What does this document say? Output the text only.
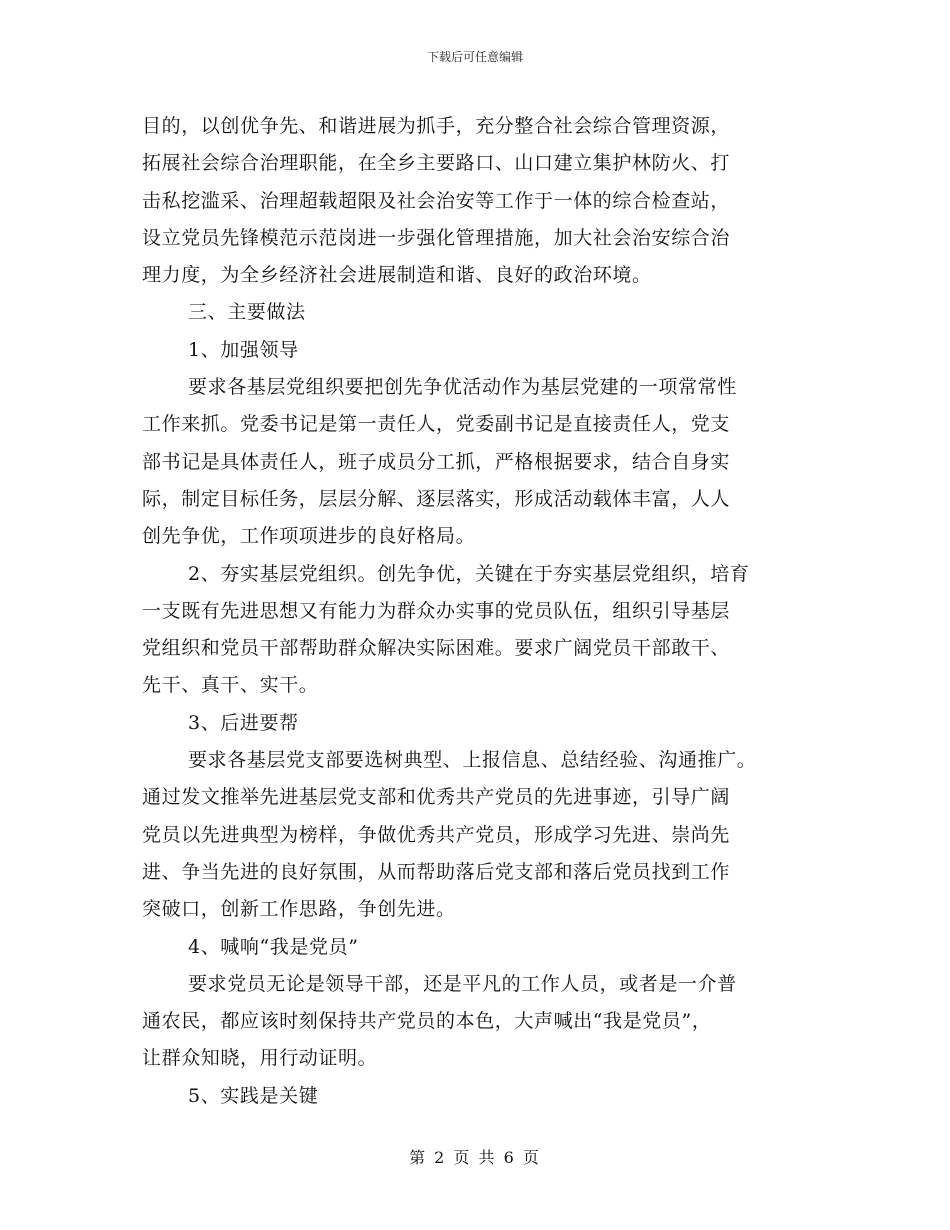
下载后可任意编辑
目的，以创优争先、和谐进展为抓手，充分整合社会综合管理资源，
拓展社会综合治理职能，在全乡主要路口、山口建立集护林防火、打
击私挖滥采、治理超载超限及社会治安等工作于一体的综合检查站，
设立党员先锋模范示范岗进一步强化管理措施，加大社会治安综合治
理力度，为全乡经济社会进展制造和谐、良好的政治环境。
三、主要做法
1、加强领导
要求各基层党组织要把创先争优活动作为基层党建的一项常常性
工作来抓。党委书记是第一责任人，党委副书记是直接责任人，党支
部书记是具体责任人，班子成员分工抓，严格根据要求，结合自身实
际，制定目标任务，层层分解、逐层落实，形成活动载体丰富，人人
创先争优，工作项项进步的良好格局。
2、夯实基层党组织。创先争优，关键在于夯实基层党组织，培育
一支既有先进思想又有能力为群众办实事的党员队伍，组织引导基层
党组织和党员干部帮助群众解决实际困难。要求广阔党员干部敢干、
先干、真干、实干。
3、后进要帮
要求各基层党支部要选树典型、上报信息、总结经验、沟通推广。
通过发文推举先进基层党支部和优秀共产党员的先进事迹，引导广阔
党员以先进典型为榜样，争做优秀共产党员，形成学习先进、崇尚先
进、争当先进的良好氛围，从而帮助落后党支部和落后党员找到工作
突破口，创新工作思路，争创先进。
4、喊响“我是党员”
要求党员无论是领导干部，还是平凡的工作人员，或者是一介普
通农民，都应该时刻保持共产党员的本色，大声喊出“我是党员”，
让群众知晓，用行动证明。
5、实践是关键
第 2 页 共 6 页
